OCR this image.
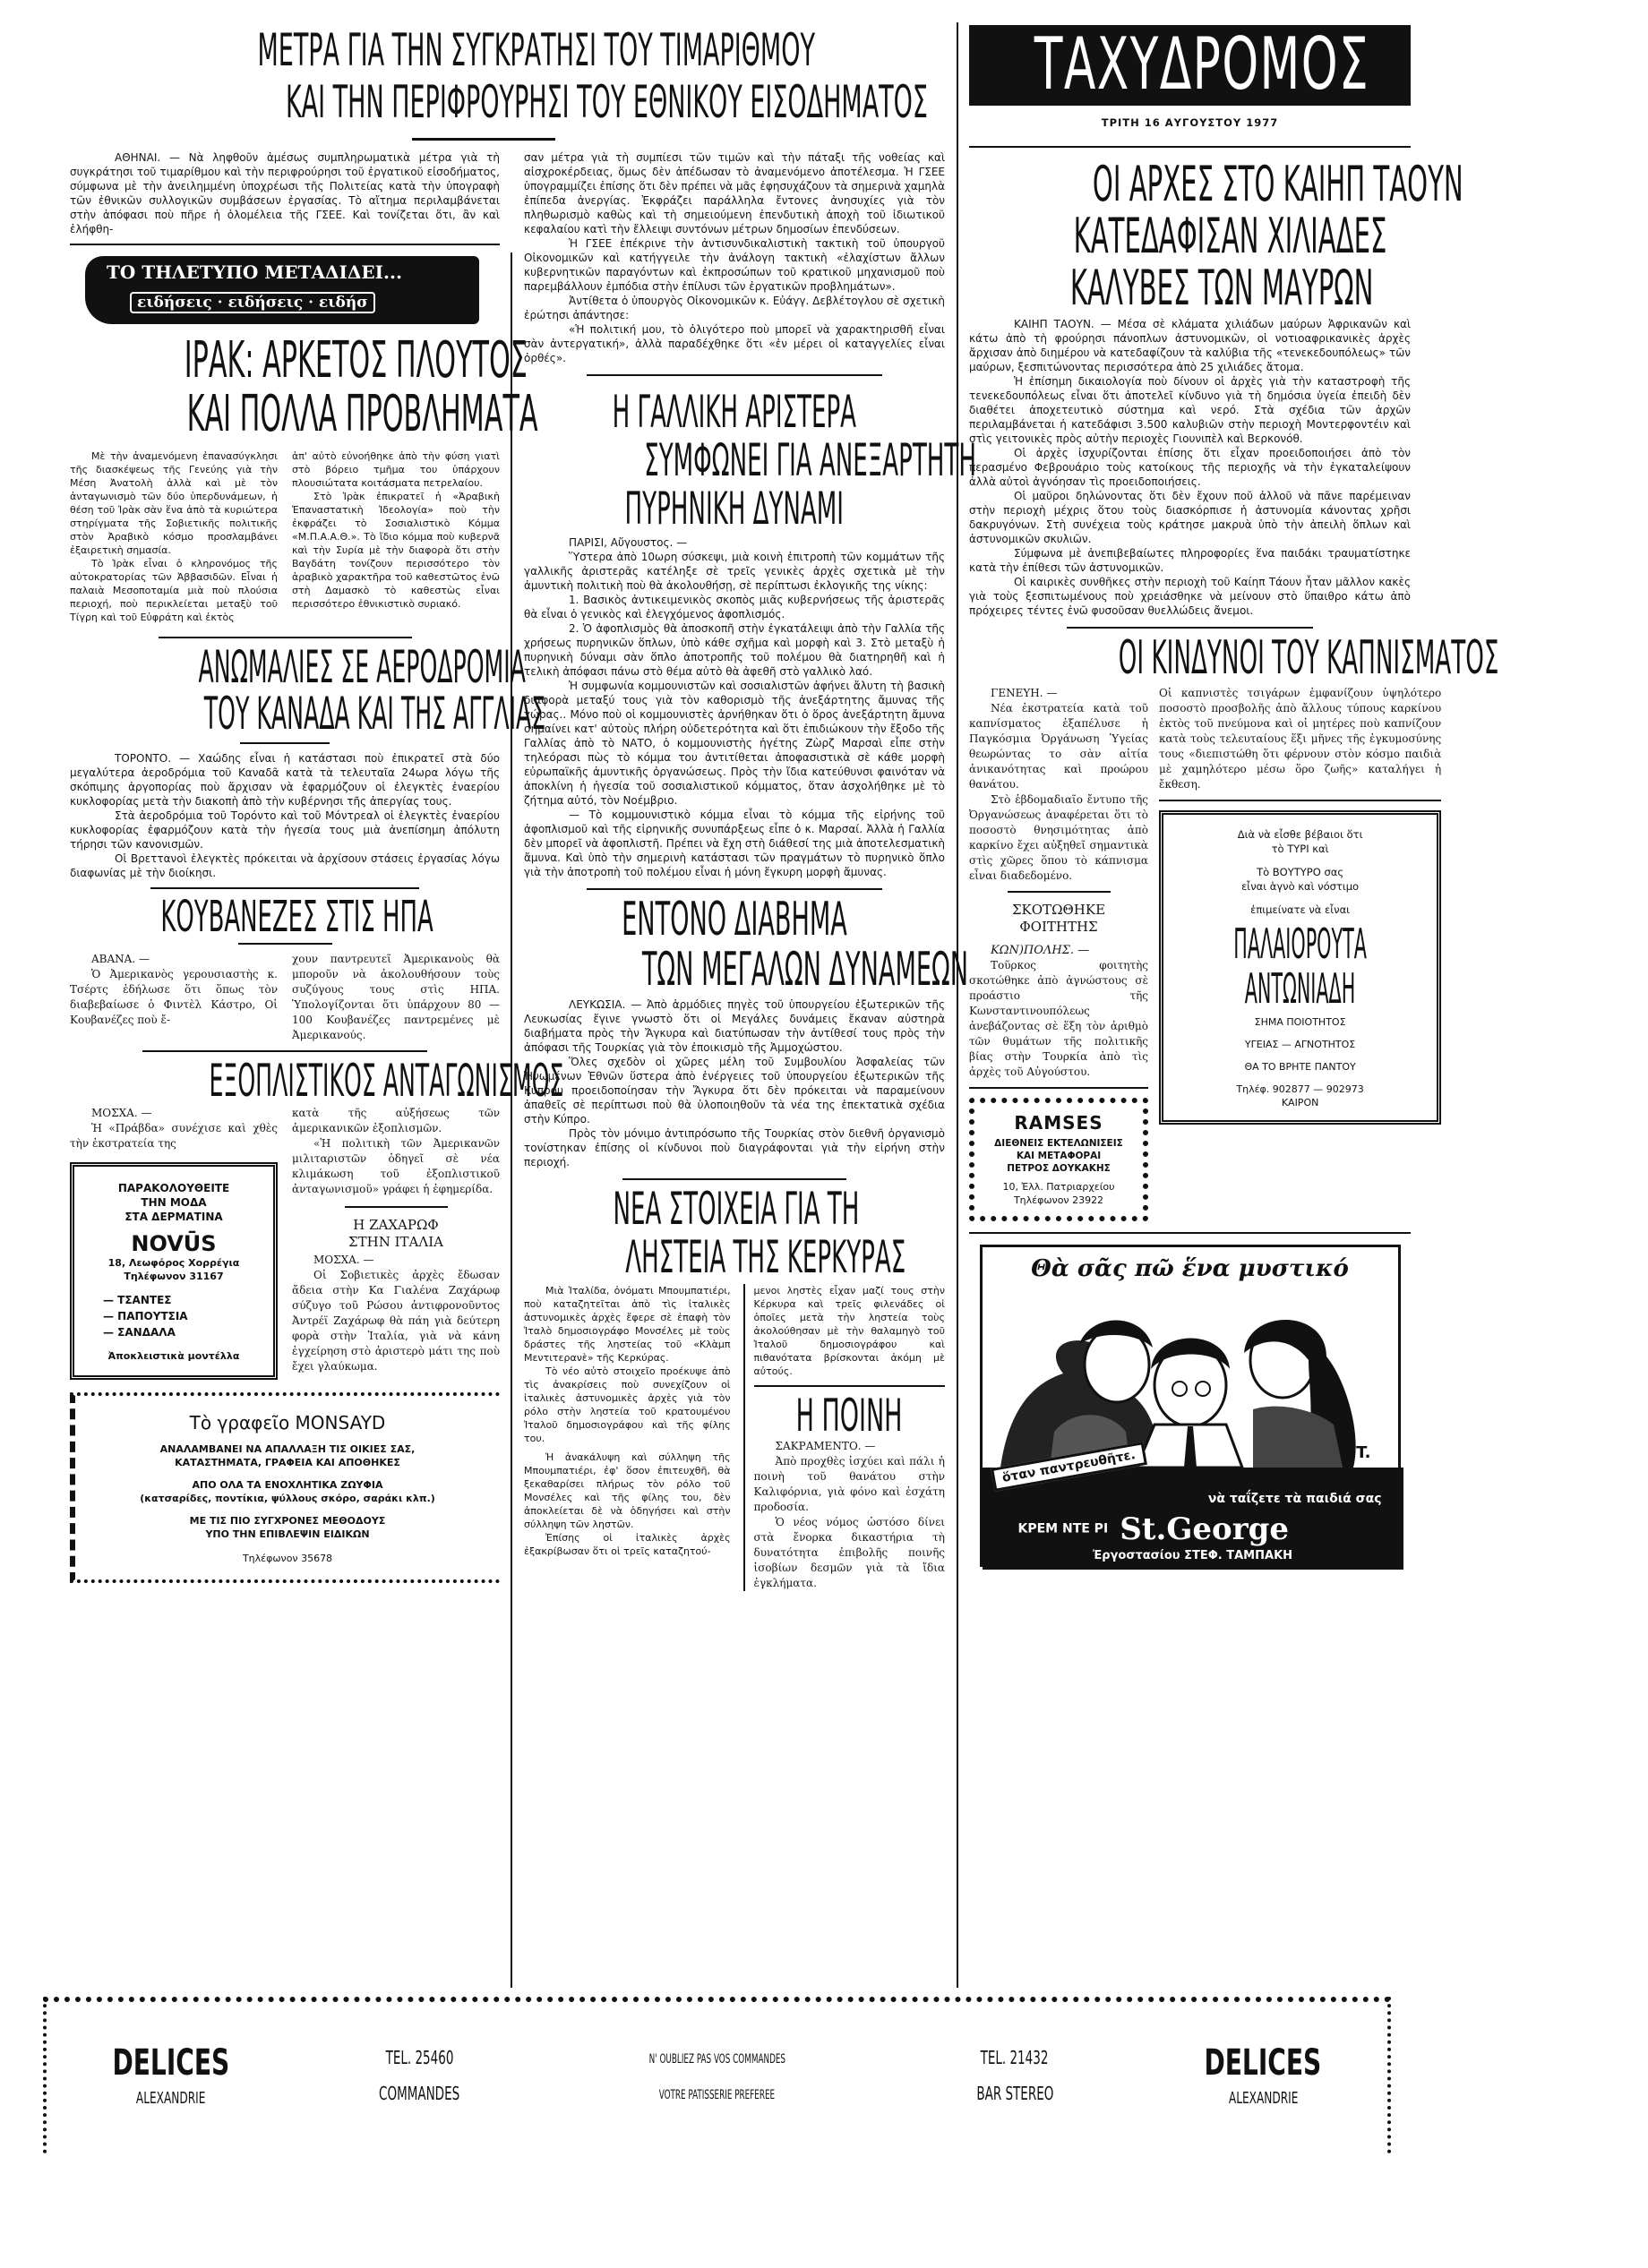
ΜΕΤΡΑ ΓΙΑ ΤΗΝ ΣΥΓΚΡΑΤΗΣΙ ΤΟΥ ΤΙΜΑΡΙΘΜΟΥ
ΚΑΙ ΤΗΝ ΠΕΡΙΦΡΟΥΡΗΣΙ ΤΟΥ ΕΘΝΙΚΟΥ ΕΙΣΟΔΗΜΑΤΟΣ
ΑΘΗΝΑΙ. — Νὰ ληφθοῦν ἀμέσως συμπληρωματικὰ μέτρα γιὰ τὴ συγκράτησι τοῦ τιμαρίθμου καὶ τὴν περιφρούρησι τοῦ ἐργατικοῦ εἰσοδήματος, σύμφωνα μὲ τὴν ἀνειλημμένη ὑποχρέωσι τῆς Πολιτείας κατὰ τὴν ὑπογραφὴ τῶν ἐθνικῶν συλλογικῶν συμβάσεων ἐργασίας. Τὸ αἴτημα περιλαμβάνεται στὴν ἀπόφασι ποὺ πῆρε ἡ ὁλομέλεια τῆς ΓΣΕΕ. Καὶ τονίζεται ὅτι, ἂν καὶ ἐλήφθη-
σαν μέτρα γιὰ τὴ συμπίεσι τῶν τιμῶν καὶ τὴν πάταξι τῆς νοθείας καὶ αἰσχροκέρδειας, ὅμως δὲν ἀπέδωσαν τὸ ἀναμενόμενο ἀποτέλεσμα. Ἡ ΓΣΕΕ ὑπογραμμίζει ἐπίσης ὅτι δὲν πρέπει νὰ μᾶς ἐφησυχάζουν τὰ σημερινὰ χαμηλὰ ἐπίπεδα ἀνεργίας. Ἐκφράζει παράλληλα ἔντονες ἀνησυχίες γιὰ τὸν πληθωρισμὸ καθὼς καὶ τὴ σημειούμενη ἐπενδυτικὴ ἀποχὴ τοῦ ἰδιωτικοῦ κεφαλαίου κατὶ τὴν ἔλλειψι συντόνων μέτρων δημοσίων ἐπενδύσεων.
Ἡ ΓΣΕΕ ἐπέκρινε τὴν ἀντισυνδικαλιστικὴ τακτικὴ τοῦ ὑπουργοῦ Οἰκονομικῶν καὶ κατήγγειλε τὴν ἀνάλογη τακτικὴ «ἐλαχίστων ἄλλων κυβερνητικῶν παραγόντων καὶ ἐκπροσώπων τοῦ κρατικοῦ μηχανισμοῦ ποὺ παρεμβάλλουν ἐμπόδια στὴν ἐπίλυσι τῶν ἐργατικῶν προβλημάτων».
Ἀντίθετα ὁ ὑπουργὸς Οἰκονομικῶν κ. Εὐάγγ. Δεβλέτογλου σὲ σχετικὴ ἐρώτησι ἀπάντησε:
«Ἡ πολιτική μου, τὸ ὀλιγότερο ποὺ μπορεῖ νὰ χαρακτηρισθῆ εἶναι σὰν ἀντεργατική», ἀλλὰ παραδέχθηκε ὅτι «ἐν μέρει οἱ καταγγελίες εἶναι ὀρθές».
ΤΟ ΤΗΛΕΤΥΠΟ ΜΕΤΑΔΙΔΕΙ...
ειδήσεις · ειδήσεις · ειδήσ
ΙΡΑΚ: ΑΡΚΕΤΟΣ ΠΛΟΥΤΟΣ
ΚΑΙ ΠΟΛΛΑ ΠΡΟΒΛΗΜΑΤΑ
Μὲ τὴν ἀναμενόμενη ἐπανασύγκλησι τῆς διασκέψεως τῆς Γενεύης γιὰ τὴν Μέση Ἀνατολὴ ἀλλὰ καὶ μὲ τὸν ἀνταγωνισμὸ τῶν δύο ὑπερδυνάμεων, ἡ θέση τοῦ Ἰρὰκ σὰν ἕνα ἀπὸ τὰ κυριώτερα στηρίγματα τῆς Σοβιετικῆς πολιτικῆς στὸν Ἀραβικὸ κόσμο προσλαμβάνει ἐξαιρετικὴ σημασία.
Τὸ Ἰρὰκ εἶναι ὁ κληρονόμος τῆς αὐτοκρατορίας τῶν Ἀββασιδῶν. Εἶναι ἡ παλαιὰ Μεσοποταμία μιὰ ποὺ πλούσια περιοχή, ποὺ περικλείεται μεταξὺ τοῦ Τίγρη καὶ τοῦ Εὐφράτη καὶ ἐκτὸς
ἀπ' αὐτὸ εὐνοήθηκε ἀπὸ τὴν φύση γιατὶ στὸ βόρειο τμῆμα του ὑπάρχουν πλουσιώτατα κοιτάσματα πετρελαίου.
Στὸ Ἰρὰκ ἐπικρατεῖ ἡ «Ἀραβικὴ Ἐπαναστατικὴ Ἰδεολογία» ποὺ τὴν ἐκφράζει τὸ Σοσιαλιστικὸ Κόμμα «Μ.Π.Α.Α.Θ.». Τὸ ἴδιο κόμμα ποὺ κυβερνᾶ καὶ τὴν Συρία μὲ τὴν διαφορὰ ὅτι στὴν Βαγδάτη τονίζουν περισσότερο τὸν ἀραβικὸ χαρακτῆρα τοῦ καθεστῶτος ἐνῶ στὴ Δαμασκὸ τὸ καθεστὼς εἶναι περισσότερο ἐθνικιστικὸ συριακό.
ΑΝΩΜΑΛΙΕΣ ΣΕ ΑΕΡΟΔΡΟΜΙΑ
ΤΟΥ ΚΑΝΑΔΑ ΚΑΙ ΤΗΣ ΑΓΓΛΙΑΣ
ΤΟΡΟΝΤΟ. — Χαώδης εἶναι ἡ κατάστασι ποὺ ἐπικρατεῖ στὰ δύο μεγαλύτερα ἀεροδρόμια τοῦ Καναδᾶ κατὰ τὰ τελευταῖα 24ωρα λόγω τῆς σκόπιμης ἀργοπορίας ποὺ ἄρχισαν νὰ ἐφαρμόζουν οἱ ἐλεγκτὲς ἐναερίου κυκλοφορίας μετὰ τὴν διακοπὴ ἀπὸ τὴν κυβέρνησι τῆς ἀπεργίας τους.
Στὰ ἀεροδρόμια τοῦ Τορόντο καὶ τοῦ Μόντρεαλ οἱ ἐλεγκτὲς ἐναερίου κυκλοφορίας ἐφαρμόζουν κατὰ τὴν ἡγεσία τους μιὰ ἀνεπίσημη ἀπόλυτη τήρησι τῶν κανονισμῶν.
Οἱ Βρεττανοὶ ἐλεγκτὲς πρόκειται νὰ ἀρχίσουν στάσεις ἐργασίας λόγω διαφωνίας μὲ τὴν διοίκησι.
ΚΟΥΒΑΝΕΖΕΣ ΣΤΙΣ ΗΠΑ
ΑΒΑΝΑ. —
Ὁ Ἀμερικανὸς γερουσιαστὴς κ. Τσέρτς ἐδήλωσε ὅτι ὅπως τὸν διαβεβαίωσε ὁ Φιντὲλ Κάστρο, Οἱ Κουβανέζες ποὺ ἔ-
χουν παντρευτεῖ Ἀμερικανοὺς θὰ μποροῦν νὰ ἀκολουθήσουν τοὺς συζύγους τους στὶς ΗΠΑ. Ὑπολογίζονται ὅτι ὑπάρχουν 80 — 100 Κουβανέζες παντρεμένες μὲ Ἀμερικανούς.
ΕΞΟΠΛΙΣΤΙΚΟΣ ΑΝΤΑΓΩΝΙΣΜΟΣ
ΜΟΣΧΑ. —
Ἡ «Πράβδα» συνέχισε καὶ χθὲς τὴν ἐκστρατεία της
ΠΑΡΑΚΟΛΟΥΘΕΙΤΕ
ΤΗΝ ΜΟΔΑ
ΣΤΑ ΔΕΡΜΑΤΙΝΑ
NOVŪS
18, Λεωφόρος Χορρέγια
Τηλέφωνον 31167
— ΤΣΑΝΤΕΣ
— ΠΑΠΟΥΤΣΙΑ
— ΣΑΝΔΑΛΑ
Ἀποκλειστικὰ μοντέλλα
κατὰ τῆς αὐξήσεως τῶν ἀμερικανικῶν ἐξοπλισμῶν.
«Ἡ πολιτικὴ τῶν Ἀμερικανῶν μιλιταριστῶν ὁδηγεῖ σὲ νέα κλιμάκωση τοῦ ἐξοπλιστικοῦ ἀνταγωνισμοῦ» γράφει ἡ ἐφημερίδα.
Η ΖΑΧΑΡΩΦ
ΣΤΗΝ ΙΤΑΛΙΑ
ΜΟΣΧΑ. —
Οἱ Σοβιετικὲς ἀρχὲς ἔδωσαν ἄδεια στὴν Κα Γιαλένα Ζαχάρωφ σύζυγο τοῦ Ρώσου ἀντιφρονοῦντος Ἀντρέϊ Ζαχάρωφ θὰ πάη γιὰ δεύτερη φορὰ στὴν Ἰταλία, γιὰ νὰ κάνη ἐγχείρηση στὸ ἀριστερὸ μάτι της ποὺ ἔχει γλαύκωμα.
Τὸ γραφεῖο MONSAYD
ΑΝΑΛΑΜΒΑΝΕΙ ΝΑ ΑΠΑΛΛΑΞΗ ΤΙΣ ΟΙΚΙΕΣ ΣΑΣ,
ΚΑΤΑΣΤΗΜΑΤΑ, ΓΡΑΦΕΙΑ ΚΑΙ ΑΠΟΘΗΚΕΣ
ΑΠΟ ΟΛΑ ΤΑ ΕΝΟΧΛΗΤΙΚΑ ΖΩΥΦΙΑ
(κατσαρίδες, ποντίκια, ψύλλους σκόρο, σαράκι κλπ.)
ΜΕ ΤΙΣ ΠΙΟ ΣΥΓΧΡΟΝΕΣ ΜΕΘΟΔΟΥΣ
ΥΠΟ ΤΗΝ ΕΠΙΒΛΕΨΙΝ ΕΙΔΙΚΩΝ
Τηλέφωνον 35678
Η ΓΑΛΛΙΚΗ ΑΡΙΣΤΕΡΑ
ΣΥΜΦΩΝΕΙ ΓΙΑ ΑΝΕΞΑΡΤΗΤΗ
ΠΥΡΗΝΙΚΗ ΔΥΝΑΜΙ
ΠΑΡΙΣΙ, Αὔγουστος. —
Ὕστερα ἀπὸ 10ωρη σύσκεψι, μιὰ κοινὴ ἐπιτροπὴ τῶν κομμάτων τῆς γαλλικῆς ἀριστερᾶς κατέληξε σὲ τρεῖς γενικὲς ἀρχὲς σχετικὰ μὲ τὴν ἀμυντικὴ πολιτικὴ ποὺ θὰ ἀκολουθήσῃ, σὲ περίπτωσι ἐκλογικῆς της νίκης:
1. Βασικὸς ἀντικειμενικὸς σκοπὸς μιᾶς κυβερνήσεως τῆς ἀριστερᾶς θὰ εἶναι ὁ γενικὸς καὶ ἐλεγχόμενος ἀφοπλισμός.
2. Ὁ ἀφοπλισμὸς θὰ ἀποσκοπῆ στὴν ἐγκατάλειψι ἀπὸ τὴν Γαλλία τῆς χρήσεως πυρηνικῶν ὅπλων, ὑπὸ κάθε σχῆμα καὶ μορφὴ καὶ 3. Στὸ μεταξὺ ἡ πυρηνικὴ δύναμι σὰν ὅπλο ἀποτροπῆς τοῦ πολέμου θὰ διατηρηθῆ καὶ ἡ τελικὴ ἀπόφασι πάνω στὸ θέμα αὐτὸ θὰ ἀφεθῆ στὸ γαλλικὸ λαό.
Ἡ συμφωνία κομμουνιστῶν καὶ σοσιαλιστῶν ἀφήνει ἄλυτη τὴ βασικὴ διαφορὰ μεταξύ τους γιὰ τὸν καθορισμὸ τῆς ἀνεξάρτητης ἄμυνας τῆς χώρας.. Μόνο ποὺ οἱ κομμουνιστὲς ἀρνήθηκαν ὅτι ὁ ὅρος ἀνεξάρτητη ἄμυνα σημαίνει κατ' αὐτοὺς πλήρη οὐδετερότητα καὶ ὅτι ἐπιδιώκουν τὴν ἔξοδο τῆς Γαλλίας ἀπὸ τὸ ΝΑΤΟ, ὁ κομμουνιστὴς ἡγέτης Ζὼρζ Μαρσαὶ εἶπε στὴν τηλεόρασι πὼς τὸ κόμμα του ἀντιτίθεται ἀποφασιστικὰ σὲ κάθε μορφὴ εὐρωπαϊκῆς ἀμυντικῆς ὀργανώσεως. Πρὸς τὴν ἴδια κατεύθυνσι φαινόταν νὰ ἀποκλίνη ἡ ἡγεσία τοῦ σοσιαλιστικοῦ κόμματος, ὅταν ἀσχολήθηκε μὲ τὸ ζήτημα αὐτό, τὸν Νοέμβριο.
— Τὸ κομμουνιστικὸ κόμμα εἶναι τὸ κόμμα τῆς εἰρήνης τοῦ ἀφοπλισμοῦ καὶ τῆς εἰρηνικῆς συνυπάρξεως εἶπε ὁ κ. Μαρσαί. Ἀλλὰ ἡ Γαλλία δὲν μπορεῖ νὰ ἀφοπλιστῆ. Πρέπει νὰ ἔχη στὴ διάθεσί της μιὰ ἀποτελεσματικὴ ἄμυνα. Καὶ ὑπὸ τὴν σημερινὴ κατάστασι τῶν πραγμάτων τὸ πυρηνικὸ ὅπλο γιὰ τὴν ἀποτροπὴ τοῦ πολέμου εἶναι ἡ μόνη ἔγκυρη μορφὴ ἄμυνας.
ΕΝΤΟΝΟ ΔΙΑΒΗΜΑ
ΤΩΝ ΜΕΓΑΛΩΝ ΔΥΝΑΜΕΩΝ
ΛΕΥΚΩΣΙΑ. — Ἀπὸ ἁρμόδιες πηγὲς τοῦ ὑπουργείου ἐξωτερικῶν τῆς Λευκωσίας ἔγινε γνωστὸ ὅτι οἱ Μεγάλες δυνάμεις ἔκαναν αὐστηρὰ διαβήματα πρὸς τὴν Ἄγκυρα καὶ διατύπωσαν τὴν ἀντίθεσί τους πρὸς τὴν ἀπόφασι τῆς Τουρκίας γιὰ τὸν ἐποικισμὸ τῆς Ἀμμοχώστου.
Ὅλες σχεδὸν οἱ χῶρες μέλη τοῦ Συμβουλίου Ἀσφαλείας τῶν Ἡνωμένων Ἐθνῶν ὕστερα ἀπὸ ἐνέργειες τοῦ ὑπουργείου ἐξωτερικῶν τῆς Κύπρου προειδοποίησαν τὴν Ἄγκυρα ὅτι δὲν πρόκειται νὰ παραμείνουν ἀπαθεῖς σὲ περίπτωσι ποὺ θὰ ὑλοποιηθοῦν τὰ νέα της ἐπεκτατικὰ σχέδια στὴν Κύπρο.
Πρὸς τὸν μόνιμο ἀντιπρόσωπο τῆς Τουρκίας στὸν διεθνῆ ὀργανισμὸ τονίστηκαν ἐπίσης οἱ κίνδυνοι ποὺ διαγράφονται γιὰ τὴν εἰρήνη στὴν περιοχή.
ΝΕΑ ΣΤΟΙΧΕΙΑ ΓΙΑ ΤΗ
ΛΗΣΤΕΙΑ ΤΗΣ ΚΕΡΚΥΡΑΣ
Μιὰ Ἰταλίδα, ὀνόματι Μπουμπατιέρι, ποὺ καταζητεῖται ἀπὸ τὶς ἰταλικὲς ἀστυνομικὲς ἀρχὲς ἔφερε σὲ ἐπαφὴ τὸν Ἰταλὸ δημοσιογράφο Μονσέλες μὲ τοὺς δράστες τῆς ληστείας τοῦ «Κλὰμπ Μεντιτερανὲ» τῆς Κερκύρας.
Τὸ νέο αὐτὸ στοιχεῖο προέκυψε ἀπὸ τὶς ἀνακρίσεις ποὺ συνεχίζουν οἱ ἰταλικὲς ἀστυνομικὲς ἀρχὲς γιὰ τὸν ρόλο στὴν ληστεία τοῦ κρατουμένου Ἰταλοῦ δημοσιογράφου καὶ τῆς φίλης του.
Ἡ ἀνακάλυψη καὶ σύλληψη τῆς Μπουμπατιέρι, ἐφ' ὅσον ἐπιτευχθῆ, θὰ ξεκαθαρίσει πλήρως τὸν ρόλο τοῦ Μονσέλες καὶ τῆς φίλης του, δὲν ἀποκλείεται δὲ νὰ ὁδηγήσει καὶ στὴν σύλληψη τῶν ληστῶν.
Ἐπίσης οἱ ἰταλικὲς ἀρχὲς ἐξακρίβωσαν ὅτι οἱ τρεῖς καταζητού-
μενοι ληστὲς εἶχαν μαζί τους στὴν Κέρκυρα καὶ τρεῖς φιλενάδες οἱ ὁποῖες μετὰ τὴν ληστεία τοὺς ἀκολούθησαν μὲ τὴν θαλαμηγὸ τοῦ Ἰταλοῦ δημοσιογράφου καὶ πιθανότατα βρίσκονται ἀκόμη μὲ αὐτούς.
Η ΠΟΙΝΗ
ΣΑΚΡΑΜΕΝΤΟ. —
Ἀπὸ προχθὲς ἰσχύει καὶ πάλι ἡ ποινὴ τοῦ θανάτου στὴν Καλιφόρνια, γιὰ φόνο καὶ ἐσχάτη προδοσία.
Ὁ νέος νόμος ὡστόσο δίνει στὰ ἔνορκα δικαστήρια τὴ δυνατότητα ἐπιβολῆς ποινῆς ἰσοβίων δεσμῶν γιὰ τὰ ἴδια ἐγκλήματα.
ΤΑΧΥΔΡΟΜΟΣ
ΤΡΙΤΗ 16 ΑΥΓΟΥΣΤΟΥ 1977
ΟΙ ΑΡΧΕΣ ΣΤΟ ΚΑΙΗΠ ΤΑΟΥΝ
ΚΑΤΕΔΑΦΙΣΑΝ ΧΙΛΙΑΔΕΣ
ΚΑΛΥΒΕΣ ΤΩΝ ΜΑΥΡΩΝ
ΚΑΙΗΠ ΤΑΟΥΝ. — Μέσα σὲ κλάματα χιλιάδων μαύρων Ἀφρικανῶν καὶ κάτω ἀπὸ τὴ φρούρησι πάνοπλων ἀστυνομικῶν, οἱ νοτιοαφρικανικὲς ἀρχὲς ἄρχισαν ἀπὸ διημέρου νὰ κατεδαφίζουν τὰ καλύβια τῆς «τενεκεδουπόλεως» τῶν μαύρων, ξεσπιτώνοντας περισσότερα ἀπὸ 25 χιλιάδες ἄτομα.
Ἡ ἐπίσημη δικαιολογία ποὺ δίνουν οἱ ἀρχὲς γιὰ τὴν καταστροφὴ τῆς τενεκεδουπόλεως εἶναι ὅτι ἀποτελεῖ κίνδυνο γιὰ τὴ δημόσια ὑγεία ἐπειδὴ δὲν διαθέτει ἀποχετευτικὸ σύστημα καὶ νερό. Στὰ σχέδια τῶν ἀρχῶν περιλαμβάνεται ἡ κατεδάφισι 3.500 καλυβιῶν στὴν περιοχὴ Μοντερφοντέιν καὶ στὶς γειτονικὲς πρὸς αὐτὴν περιοχὲς Γιουνιπὲλ καὶ Βερκονόθ.
Οἱ ἀρχὲς ἰσχυρίζονται ἐπίσης ὅτι εἶχαν προειδοποιήσει ἀπὸ τὸν περασμένο Φεβρουάριο τοὺς κατοίκους τῆς περιοχῆς νὰ τὴν ἐγκαταλείψουν ἀλλὰ αὐτοὶ ἀγνόησαν τὶς προειδοποιήσεις.
Οἱ μαῦροι δηλώνοντας ὅτι δὲν ἔχουν ποῦ ἀλλοῦ νὰ πᾶνε παρέμειναν στὴν περιοχὴ μέχρις ὅτου τοὺς διασκόρπισε ἡ ἀστυνομία κάνοντας χρῆσι δακρυγόνων. Στὴ συνέχεια τοὺς κράτησε μακρυὰ ὑπὸ τὴν ἀπειλὴ ὅπλων καὶ ἀστυνομικῶν σκυλιῶν.
Σύμφωνα μὲ ἀνεπιβεβαίωτες πληροφορίες ἕνα παιδάκι τραυματίστηκε κατὰ τὴν ἐπίθεσι τῶν ἀστυνομικῶν.
Οἱ καιρικὲς συνθῆκες στὴν περιοχὴ τοῦ Καίηπ Τάουν ἦταν μᾶλλον κακὲς γιὰ τοὺς ξεσπιτωμένους ποὺ χρειάσθηκε νὰ μείνουν στὸ ὕπαιθρο κάτω ἀπὸ πρόχειρες τέντες ἐνῶ φυσοῦσαν θυελλώδεις ἄνεμοι.
ΟΙ ΚΙΝΔΥΝΟΙ ΤΟΥ ΚΑΠΝΙΣΜΑΤΟΣ
ΓΕΝΕΥΗ. —
Νέα ἐκστρατεία κατὰ τοῦ καπνίσματος ἐξαπέλυσε ἡ Παγκόσμια Ὀργάνωση Ὑγείας θεωρώντας το σὰν αἰτία ἀνικανότητας καὶ προώρου θανάτου.
Στὸ ἑβδομαδιαῖο ἔντυπο τῆς Ὀργανώσεως ἀναφέρεται ὅτι τὸ ποσοστὸ θνησιμότητας ἀπὸ καρκίνο ἔχει αὐξηθεῖ σημαντικὰ στὶς χῶρες ὅπου τὸ κάπνισμα εἶναι διαδεδομένο.
ΣΚΟΤΩΘΗΚΕ
ΦΟΙΤΗΤΗΣ
ΚΩΝ)ΠΟΛΗΣ. —
Τοῦρκος φοιτητὴς σκοτώθηκε ἀπὸ ἀγνώστους σὲ προάστιο τῆς Κωνσταντινουπόλεως ἀνεβάζοντας σὲ ἕξη τὸν ἀριθμὸ τῶν θυμάτων τῆς πολιτικῆς βίας στὴν Τουρκία ἀπὸ τὶς ἀρχὲς τοῦ Αὐγούστου.
RAMSES
ΔΙΕΘΝΕΙΣ ΕΚΤΕΛΩΝΙΣΕΙΣ
ΚΑΙ ΜΕΤΑΦΟΡΑΙ
ΠΕΤΡΟΣ ΔΟΥΚΑΚΗΣ
10, Ἐλλ. Πατριαρχείου
Τηλέφωνον 23922
Οἱ καπνιστὲς τσιγάρων ἐμφανίζουν ὑψηλότερο ποσοστὸ προσβολῆς ἀπὸ ἄλλους τύπους καρκίνου ἐκτὸς τοῦ πνεύμονα καὶ οἱ μητέρες ποὺ καπνίζουν κατὰ τοὺς τελευταίους ἕξι μῆνες τῆς ἐγκυμοσύνης τους «διεπιστώθη ὅτι φέρνουν στὸν κόσμο παιδιὰ μὲ χαμηλότερο μέσω ὅρο ζωῆς» καταλήγει ἡ ἔκθεση.
Διὰ νὰ εἶσθε βέβαιοι ὅτι
τὸ ΤΥΡΙ καὶ
Τὸ ΒΟΥΤΥΡΟ σας
εἶναι ἁγνὸ καὶ νόστιμο
ἐπιμείνατε νὰ εἶναι
ΠΑΛΑΙΟΡΟΥΤΑ
ΑΝΤΩΝΙΑΔΗ
ΣΗΜΑ ΠΟΙΟΤΗΤΟΣ
ΥΓΕΙΑΣ — ΑΓΝΟΤΗΤΟΣ
ΘΑ ΤΟ ΒΡΗΤΕ ΠΑΝΤΟΥ
Τηλέφ. 902877 — 902973
ΚΑΙΡΟΝ
Θὰ σᾶς πῶ ἕνα μυστικό
ST.
ὅταν παντρευθῆτε.
νὰ ταΐζετε τὰ παιδιά σας
ΚΡΕΜ ΝΤΕ ΡΙ St.George
Ἐργοστασίου ΣΤΕΦ. ΤΑΜΠΑΚΗ
DELICES
ALEXANDRIE
TEL. 25460
COMMANDES
N' OUBLIEZ PAS VOS COMMANDES
VOTRE PATISSERIE PREFEREE
TEL. 21432
BAR STEREO
DELICES
ALEXANDRIE
